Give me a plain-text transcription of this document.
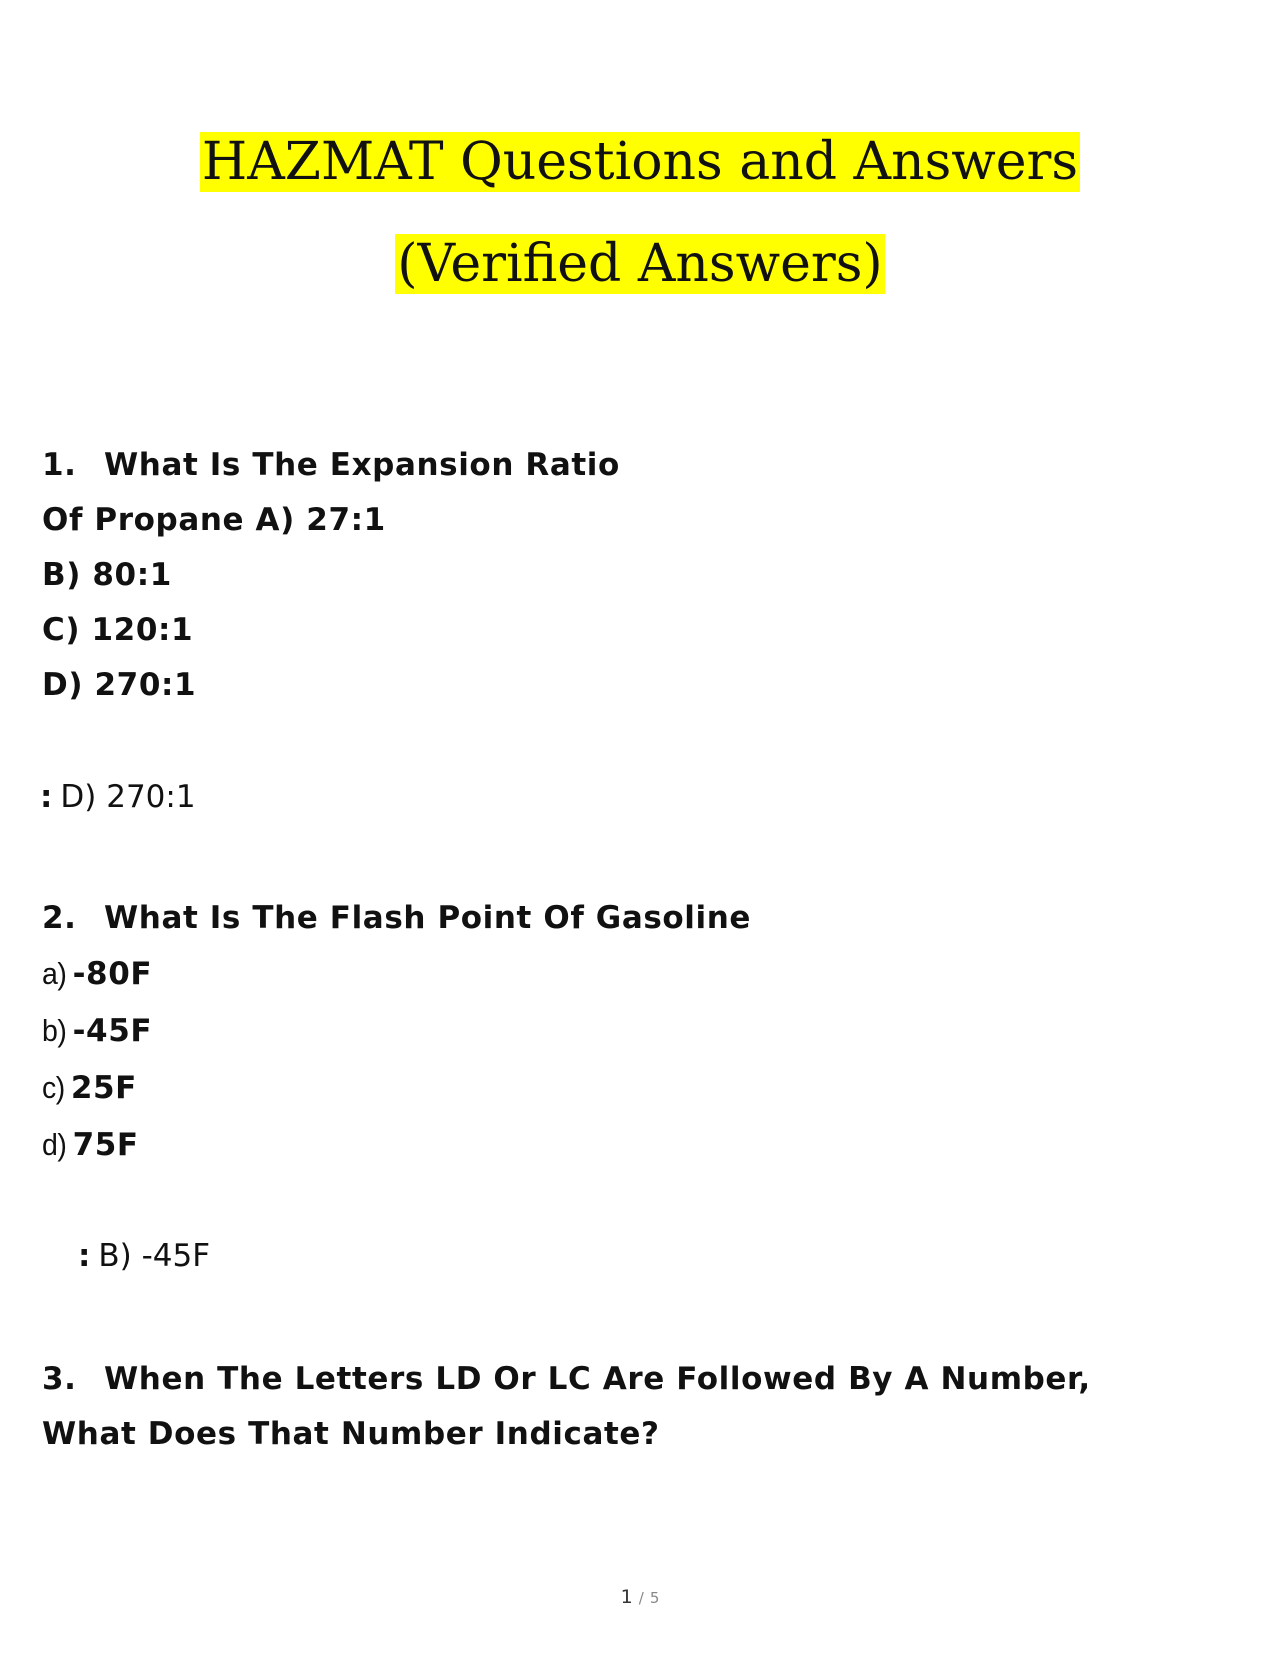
HAZMAT Questions and Answers
(Verified Answers)
1. What Is The Expansion Ratio
Of Propane A) 27:1
B) 80:1
C) 120:1
D) 270:1
: D) 270:1
2. What Is The Flash Point Of Gasoline
a) -80F
b) -45F
c) 25F
d) 75F
: B) -45F
3. When The Letters LD Or LC Are Followed By A Number,
What Does That Number Indicate?
1 / 5
